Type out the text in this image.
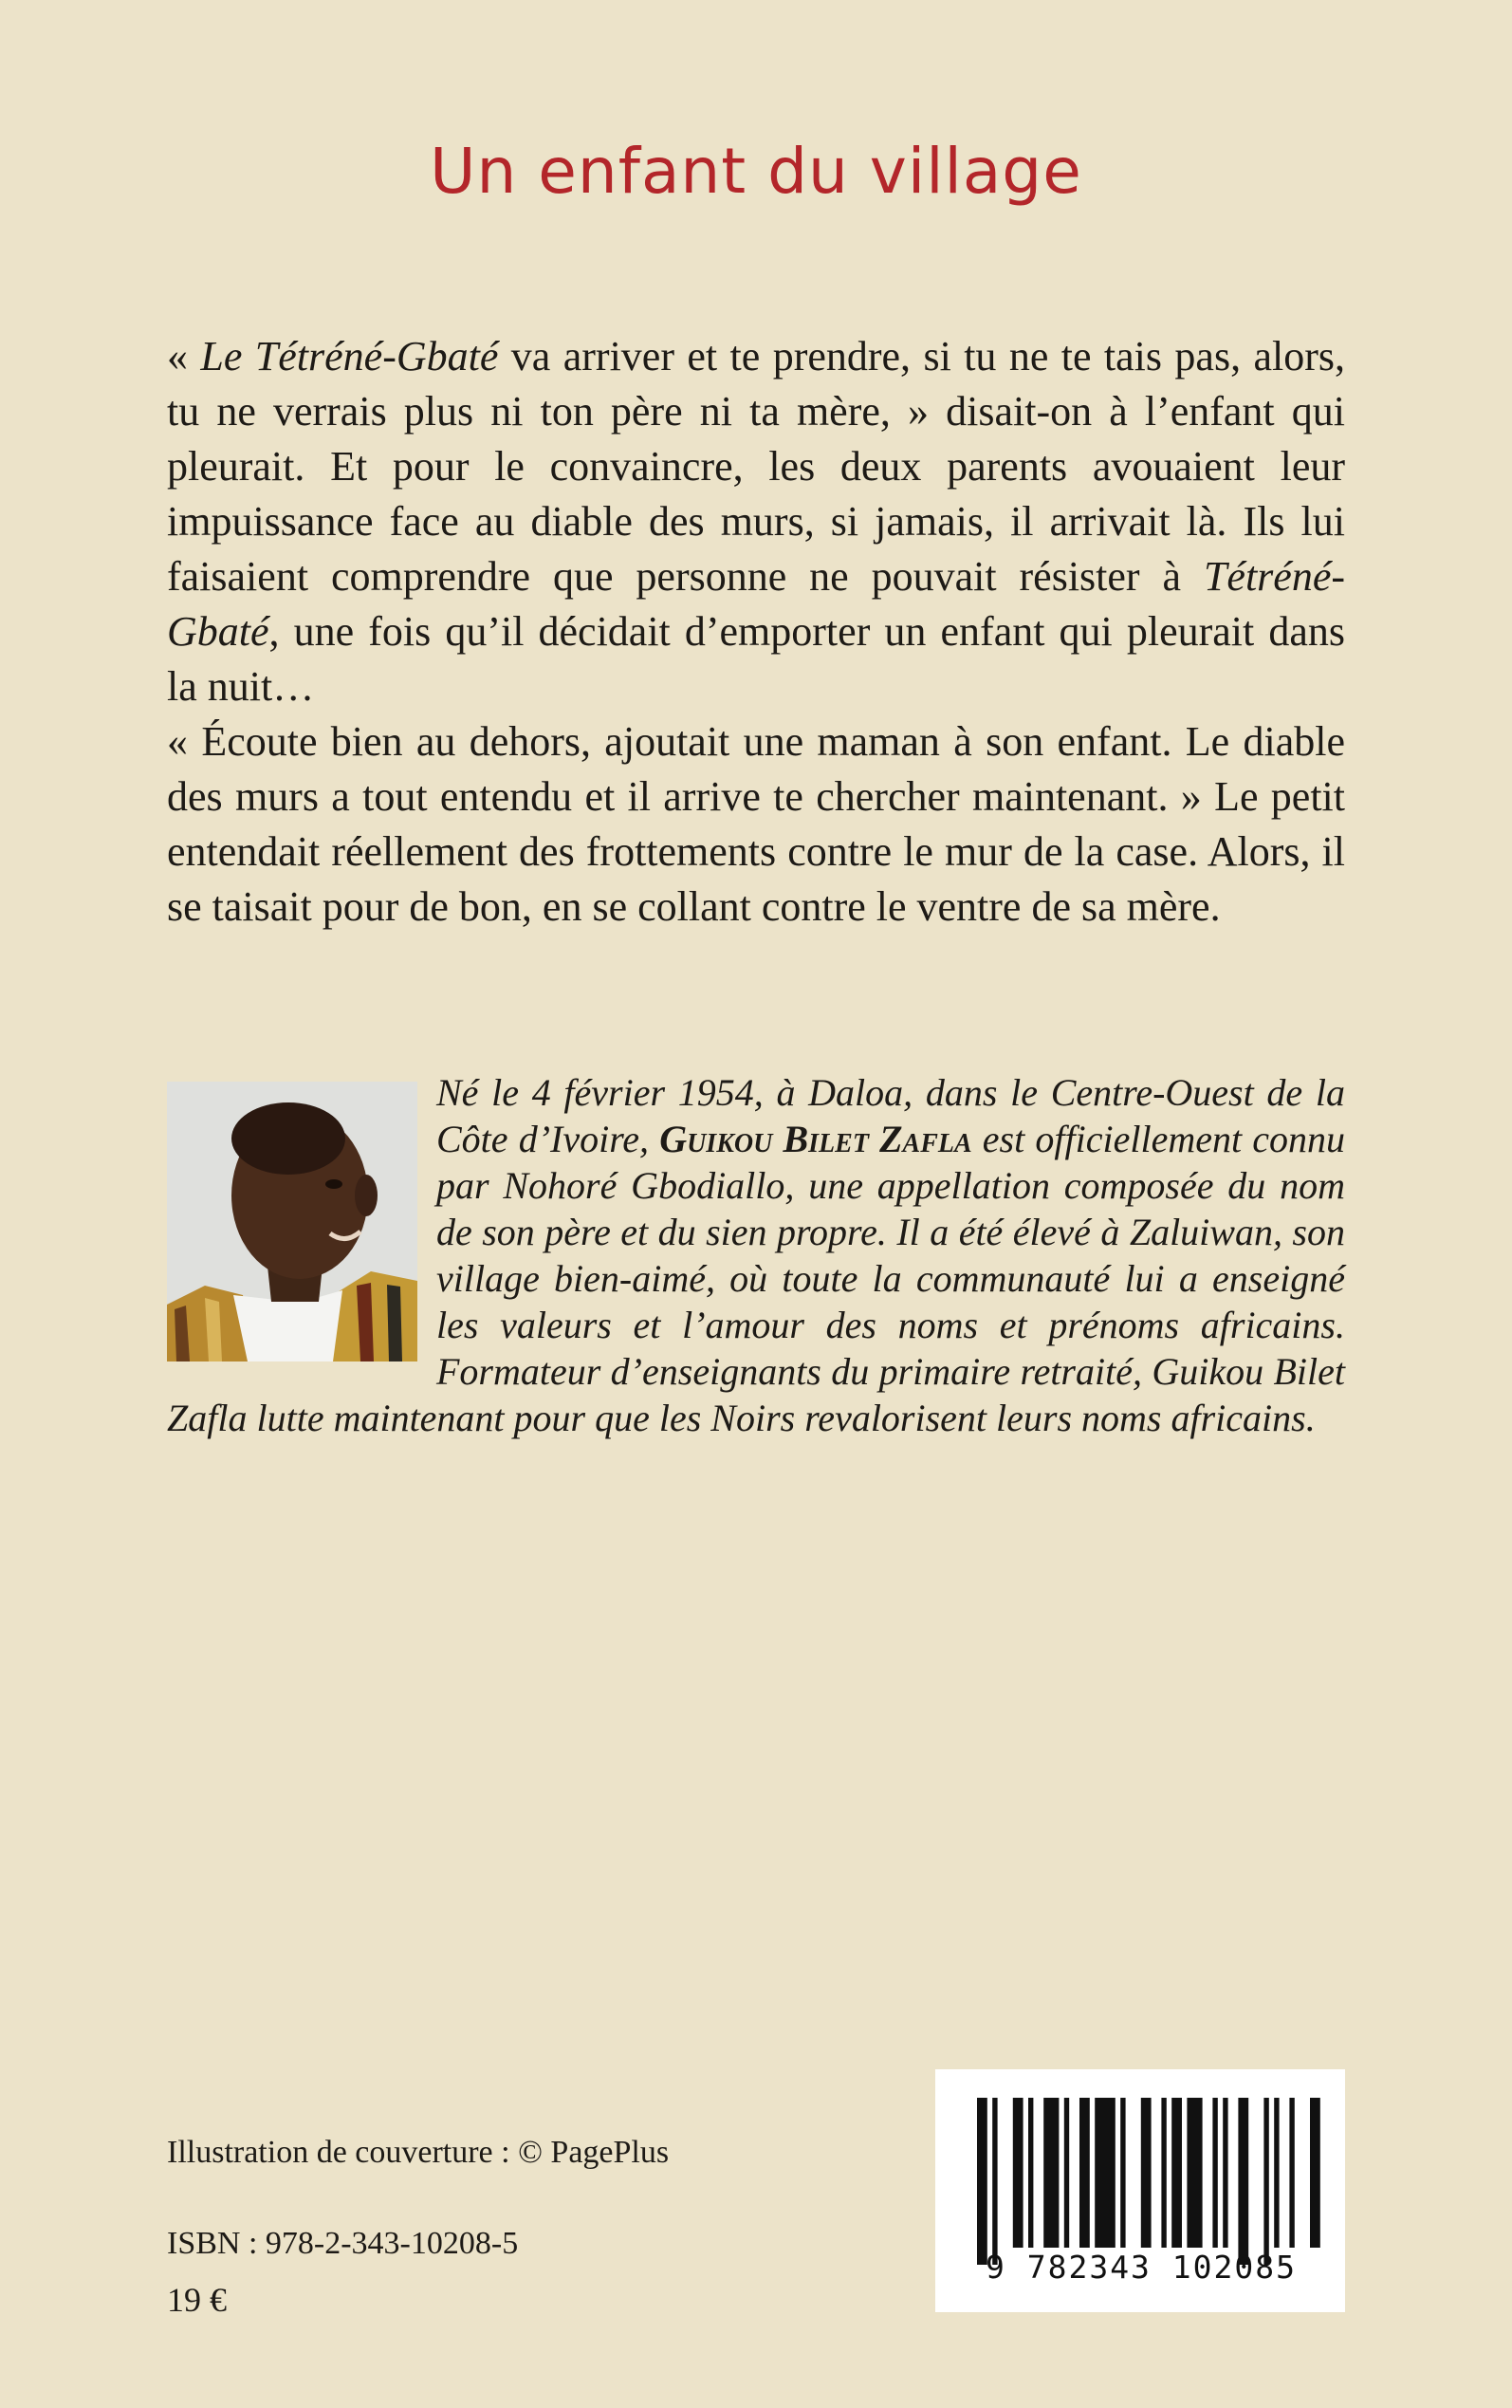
Un enfant du village

« Le Tétréné-Gbaté va arriver et te prendre, si tu ne te tais pas, alors, tu ne verrais plus ni ton père ni ta mère, » disait-on à l’enfant qui pleurait. Et pour le convaincre, les deux parents avouaient leur impuissance face au diable des murs, si jamais, il arrivait là. Ils lui faisaient comprendre que personne ne pouvait résister à Tétréné-Gbaté, une fois qu’il décidait d’emporter un enfant qui pleurait dans la nuit…

« Écoute bien au dehors, ajoutait une maman à son enfant. Le diable des murs a tout entendu et il arrive te chercher maintenant. » Le petit entendait réellement des frottements contre le mur de la case. Alors, il se taisait pour de bon, en se collant contre le ventre de sa mère.

Né le 4 février 1954, à Daloa, dans le Centre-Ouest de la Côte d’Ivoire, Guikou Bilet Zafla est officiellement connu par Nohoré Gbodiallo, une appellation composée du nom de son père et du sien propre. Il a été élevé à Zaluiwan, son village bien-aimé, où toute la communauté lui a enseigné les valeurs et l’amour des noms et prénoms africains. Formateur d’enseignants du primaire retraité, Guikou Bilet Zafla lutte maintenant pour que les Noirs revalorisent leurs noms africains.

Illustration de couverture : © PagePlus
ISBN : 978-2-343-10208-5
19 €
9 782343 102085
